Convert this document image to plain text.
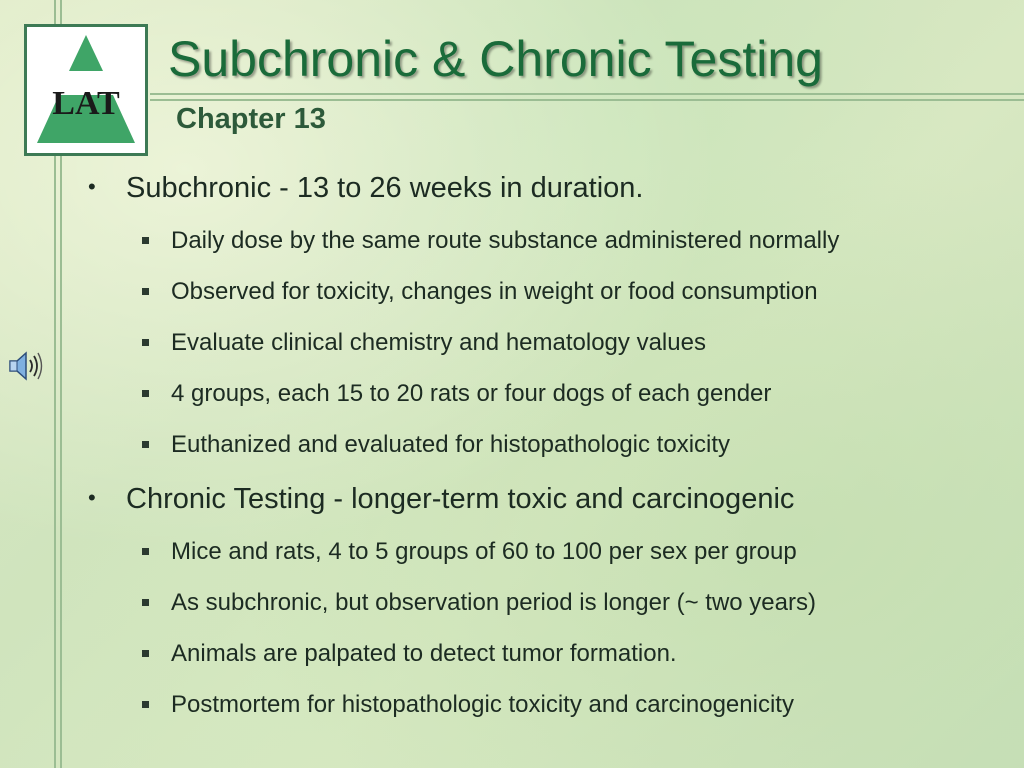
LAT
Subchronic & Chronic Testing
Chapter 13
• Subchronic - 13 to 26 weeks in duration.
Daily dose by the same route substance administered normally
Observed for toxicity, changes in weight or food consumption
Evaluate clinical chemistry and hematology values
4 groups, each 15 to 20 rats or four dogs of each gender
Euthanized and evaluated for histopathologic toxicity
• Chronic Testing - longer-term toxic and carcinogenic
Mice and rats, 4 to 5 groups of 60 to 100 per sex per group
As subchronic, but observation period is longer (~ two years)
Animals are palpated to detect tumor formation.
Postmortem for histopathologic toxicity and carcinogenicity
